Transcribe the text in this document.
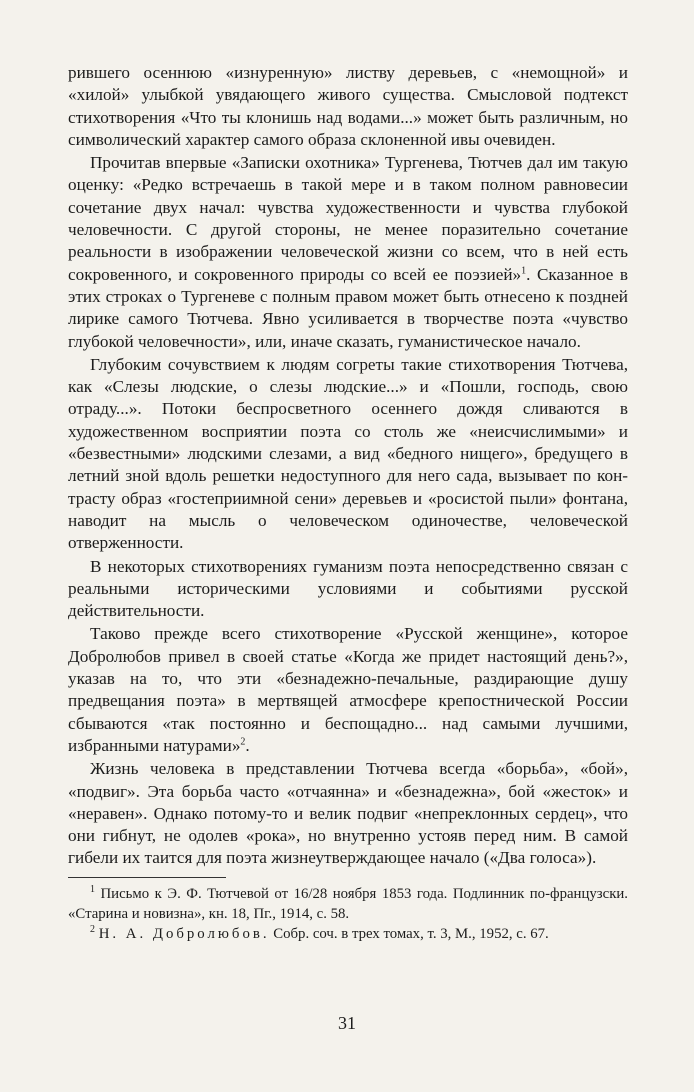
рившего осеннюю «изнуренную» листву деревьев, с «немощной» и «хилой» улыбкой увядающего живого существа. Смысловой подтекст стихотворения «Что ты клонишь над водами...» может быть различным, но символический характер самого образа склоненной ивы очевиден.

Прочитав впервые «Записки охотника» Тургенева, Тютчев дал им такую оценку: «Редко встречаешь в такой мере и в таком полном равновесии сочетание двух начал: чувства художественности и чувства глубокой человечности. С другой стороны, не менее поразительно сочетание реальности в изображении человеческой жизни со всем, что в ней есть сокровенного, и сокровенного природы со всей ее поэзией»$^1$. Сказанное в этих строках о Тургеневе с полным правом может быть отнесено к поздней лирике самого Тютчева. Явно усиливается в творчестве поэта «чувство глубокой человечности», или, иначе сказать, гуманистическое начало.

Глубоким сочувствием к людям согреты такие стихотворения Тютчева, как «Слезы людские, о слезы людские...» и «Пошли, господь, свою отраду...». Потоки беспросветного осеннего дождя сливаются в художественном восприятии поэта со столь же «неисчислимыми» и «безвестными» людскими слезами, а вид «бедного нищего», бредущего в летний зной вдоль решетки недоступного для него сада, вызывает по контрасту образ «гостеприимной сени» деревьев и «росистой пыли» фонтана, наводит на мысль о человеческом одиночестве, человеческой отверженности.

В некоторых стихотворениях гуманизм поэта непосредственно связан с реальными историческими условиями и событиями русской действительности.

Таково прежде всего стихотворение «Русской женщине», которое Добролюбов привел в своей статье «Когда же придет настоящий день?», указав на то, что эти «безнадежно-печальные, раздирающие душу предвещания поэта» в мертвящей атмосфере крепостнической России сбываются «так постоянно и беспощадно... над самыми лучшими, избранными натурами»$^2$.

Жизнь человека в представлении Тютчева всегда «борьба», «бой», «подвиг». Эта борьба часто «отчаянна» и «безнадежна», бой «жесток» и «неравен». Однако потому-то и велик подвиг «непреклонных сердец», что они гибнут, не одолев «рока», но внутренно устояв перед ним. В самой гибели их таится для поэта жизнеутверждающее начало («Два голоса»).

$^1$ Письмо к Э. Ф. Тютчевой от 16/28 ноября 1853 года. Подлинник по-французски. «Старина и новизна», кн. 18, Пг., 1914, с. 58.

$^2$ Н. А. Добролюбов. Собр. соч. в трех томах, т. 3, М., 1952, с. 67.

31
